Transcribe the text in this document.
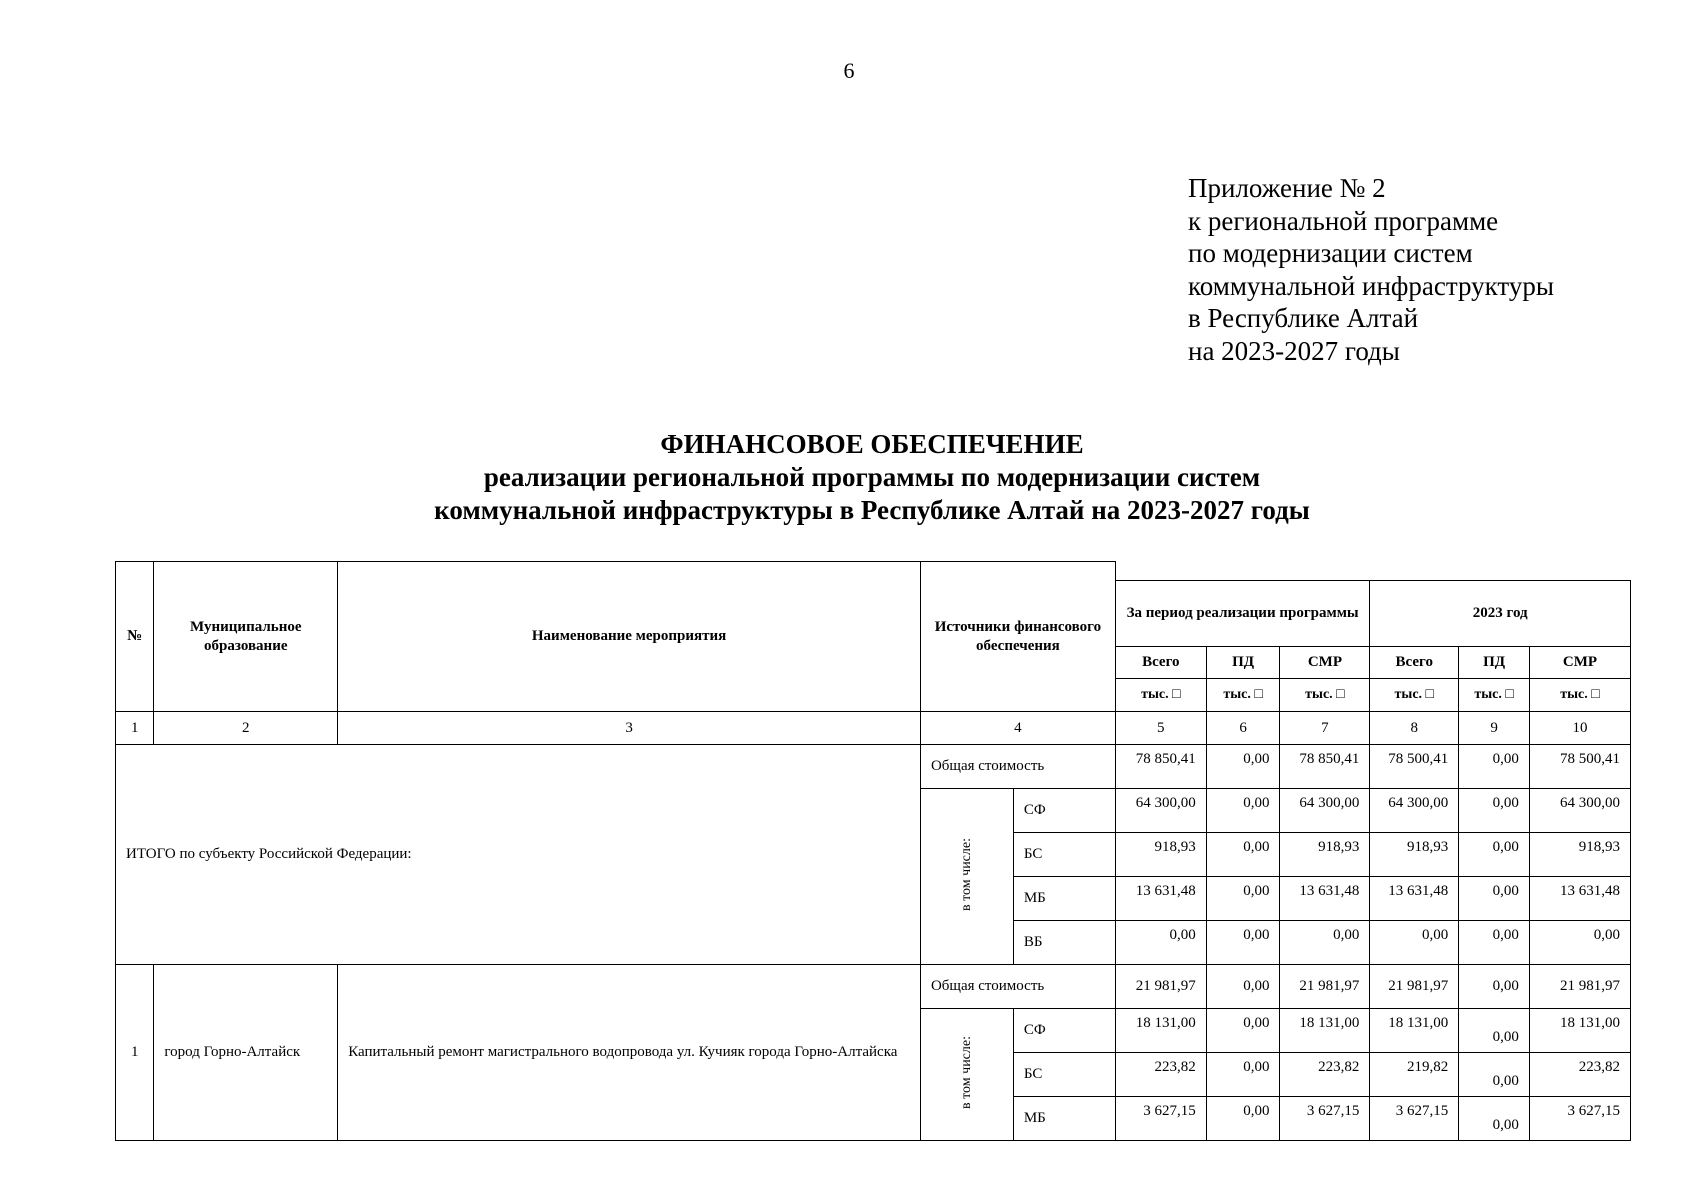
6
Приложение № 2
к региональной программе
по модернизации систем
коммунальной инфраструктуры
в Республике Алтай
на 2023-2027 годы
ФИНАНСОВОЕ ОБЕСПЕЧЕНИЕ
реализации региональной программы по модернизации систем
коммунальной инфраструктуры в Республике Алтай на 2023-2027 годы
№	Муниципальное образование	Наименование мероприятия	Источники финансового обеспечения							
					За период реализации программы			2023 год		
					Всего	ПД	СМР	Всего	ПД	СМР
					тыс. □	тыс. □	тыс. □	тыс. □	тыс. □	тыс. □
1	2	3	4		5	6	7	8	9	10
ИТОГО по субъекту Российской Федерации:			Общая стоимость		78 850,41	0,00	78 850,41	78 500,41	0,00	78 500,41
			в том числе:	СФ	64 300,00	0,00	64 300,00	64 300,00	0,00	64 300,00
				БС	918,93	0,00	918,93	918,93	0,00	918,93
				МБ	13 631,48	0,00	13 631,48	13 631,48	0,00	13 631,48
				ВБ	0,00	0,00	0,00	0,00	0,00	0,00
1	город Горно-Алтайск	Капитальный ремонт магистрального водопровода ул. Кучияк города Горно-Алтайска	Общая стоимость		21 981,97	0,00	21 981,97	21 981,97	0,00	21 981,97
			в том числе:	СФ	18 131,00	0,00	18 131,00	18 131,00	0,00	18 131,00
				БС	223,82	0,00	223,82	219,82	0,00	223,82
				МБ	3 627,15	0,00	3 627,15	3 627,15	0,00	3 627,15
